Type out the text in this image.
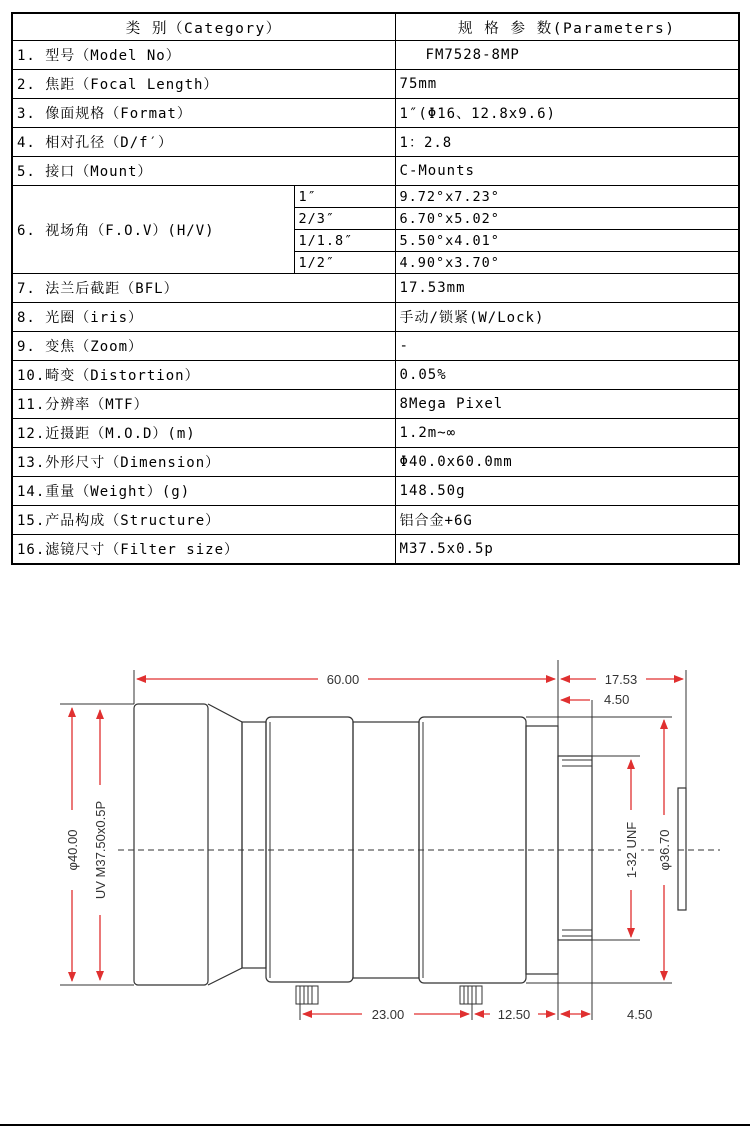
类 别（Category）		规 格 参 数(Parameters)
1. 型号（Model No）		FM7528-8MP
2. 焦距（Focal Length）		75mm
3. 像面规格（Format）		1″(Φ16、12.8x9.6)
4. 相对孔径（D/f′）		1：2.8
5. 接口（Mount）		C-Mounts
6. 视场角（F.O.V）(H/V)	1″	9.72°x7.23°
	2/3″	6.70°x5.02°
	1/1.8″	5.50°x4.01°
	1/2″	4.90°x3.70°
7. 法兰后截距（BFL）		17.53mm
8. 光圈（iris）		手动/锁紧(W/Lock)
9. 变焦（Zoom）		-
10.畸变（Distortion）		0.05%
11.分辨率（MTF）		8Mega Pixel
12.近摄距（M.O.D）(m)		1.2m~∞
13.外形尺寸（Dimension）		Φ40.0x60.0mm
14.重量（Weight）(g)		148.50g
15.产品构成（Structure）		铝合金+6G
16.滤镜尺寸（Filter size）		M37.5x0.5p
60.00	17.53
4.50
φ40.00 UV M37.50x0.5P	1-32 UNF φ36.70
23.00	12.50	4.50
